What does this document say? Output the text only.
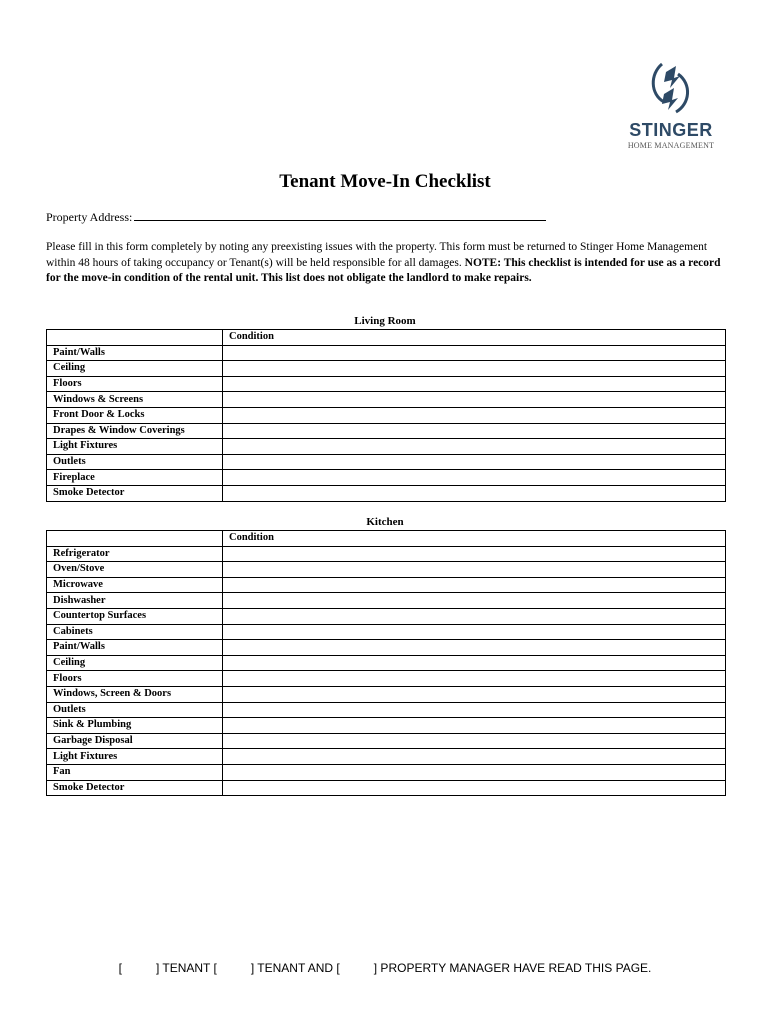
STINGER
HOME MANAGEMENT
Tenant Move-In Checklist
Property Address:
Please fill in this form completely by noting any preexisting issues with the property. This form must be returned to Stinger Home Management within 48 hours of taking occupancy or Tenant(s) will be held responsible for all damages. NOTE: This checklist is intended for use as a record for the move-in condition of the rental unit. This list does not obligate the landlord to make repairs.
Living Room
	Condition
Paint/Walls	
Ceiling	
Floors	
Windows & Screens	
Front Door & Locks	
Drapes & Window Coverings	
Light Fixtures	
Outlets	
Fireplace	
Smoke Detector	
Kitchen
	Condition
Refrigerator	
Oven/Stove	
Microwave	
Dishwasher	
Countertop Surfaces	
Cabinets	
Paint/Walls	
Ceiling	
Floors	
Windows, Screen & Doors	
Outlets	
Sink & Plumbing	
Garbage Disposal	
Light Fixtures	
Fan	
Smoke Detector	
[	] TENANT [	] TENANT AND [	] PROPERTY MANAGER HAVE READ THIS PAGE.
